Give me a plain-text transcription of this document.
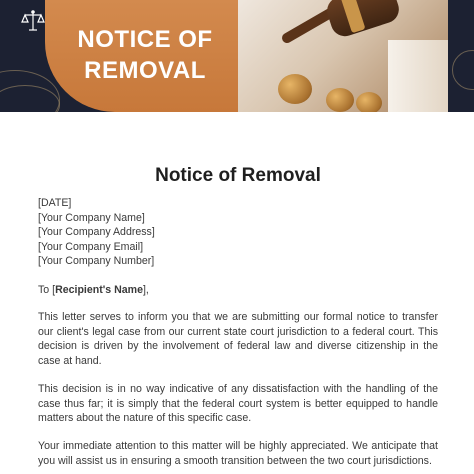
NOTICE OF
REMOVAL
Notice of Removal
[DATE]
[Your Company Name]
[Your Company Address]
[Your Company Email]
[Your Company Number]
To [Recipient's Name],
This letter serves to inform you that we are submitting our formal notice to transfer our client's legal case from our current state court jurisdiction to a federal court. This decision is driven by the involvement of federal law and diverse citizenship in the case at hand.
This decision is in no way indicative of any dissatisfaction with the handling of the case thus far; it is simply that the federal court system is better equipped to handle matters about the nature of this specific case.
Your immediate attention to this matter will be highly appreciated. We anticipate that you will assist us in ensuring a smooth transition between the two court jurisdictions.
